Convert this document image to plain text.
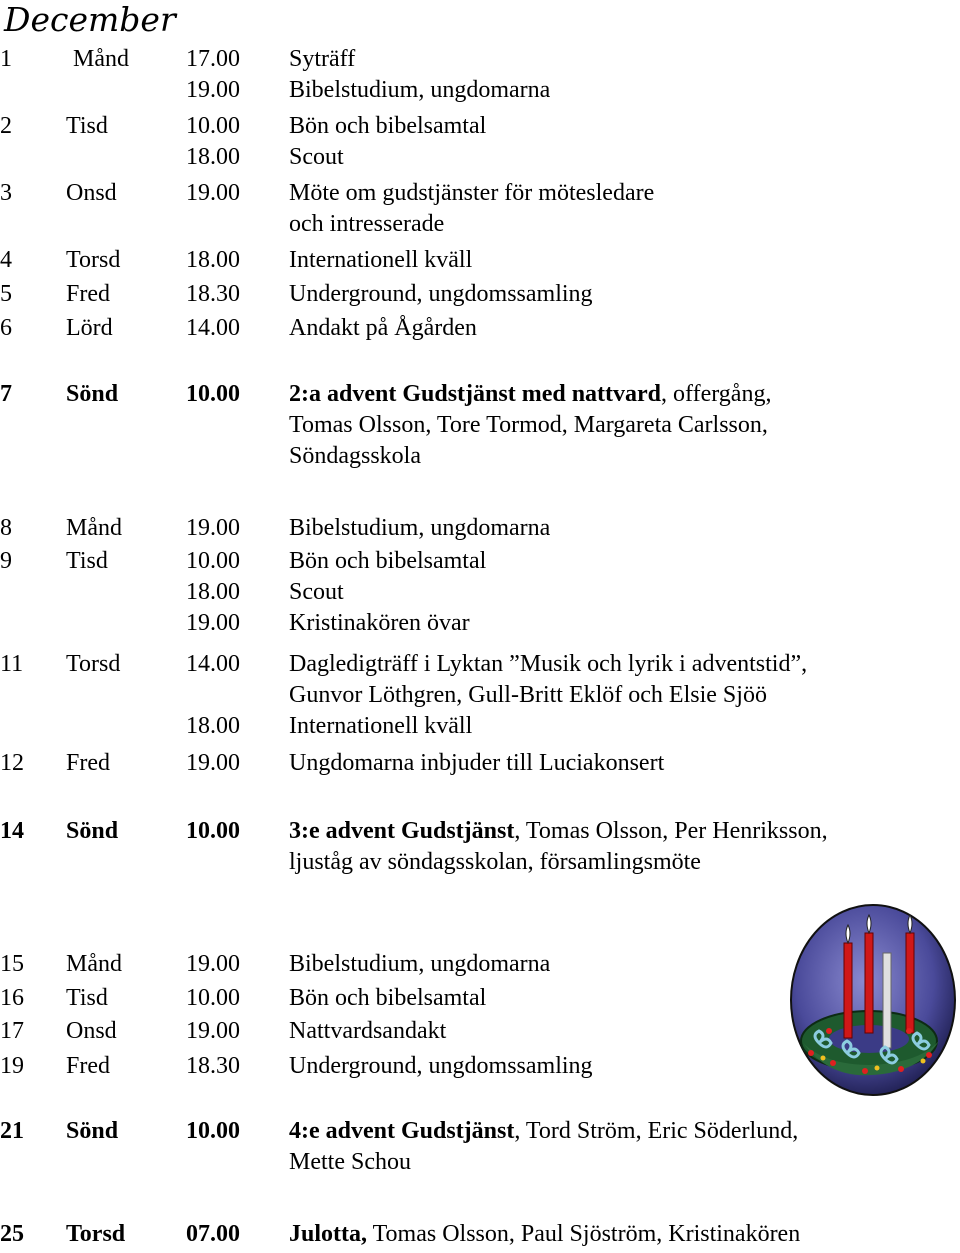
December
1	Månd 17.00 Syträff
19.00 Bibelstudium, ungdomarna
2 Tisd	10.00 Bön och bibelsamtal
18.00 Scout
3 Onsd	19.00 Möte om gudstjänster för mötesledare
och intresserade
4 Torsd	18.00 Internationell kväll
5 Fred	18.30 Underground, ungdomssamling
6 Lörd	14.00 Andakt på Ågården
7 Sönd	10.00 2:a advent Gudstjänst med nattvard, offergång,
Tomas Olsson, Tore Tormod, Margareta Carlsson,
Söndagsskola
8 Månd	19.00 Bibelstudium, ungdomarna
9 Tisd	10.00 Bön och bibelsamtal
18.00 Scout
19.00 Kristinakören övar
11 Torsd	14.00 Dagledigträff i Lyktan ”Musik och lyrik i adventstid”,
Gunvor Löthgren, Gull-Britt Eklöf och Elsie Sjöö
18.00 Internationell kväll
12 Fred	19.00 Ungdomarna inbjuder till Luciakonsert
14 Sönd	10.00 3:e advent Gudstjänst, Tomas Olsson, Per Henriksson,
ljuståg av söndagsskolan, församlingsmöte
15 Månd	19.00 Bibelstudium, ungdomarna
16 Tisd	10.00 Bön och bibelsamtal
17 Onsd	19.00 Nattvardsandakt
19 Fred	18.30 Underground, ungdomssamling
21 Sönd	10.00 4:e advent Gudstjänst, Tord Ström, Eric Söderlund,
Mette Schou
25 Torsd	07.00 Julotta, Tomas Olsson, Paul Sjöström, Kristinakören
